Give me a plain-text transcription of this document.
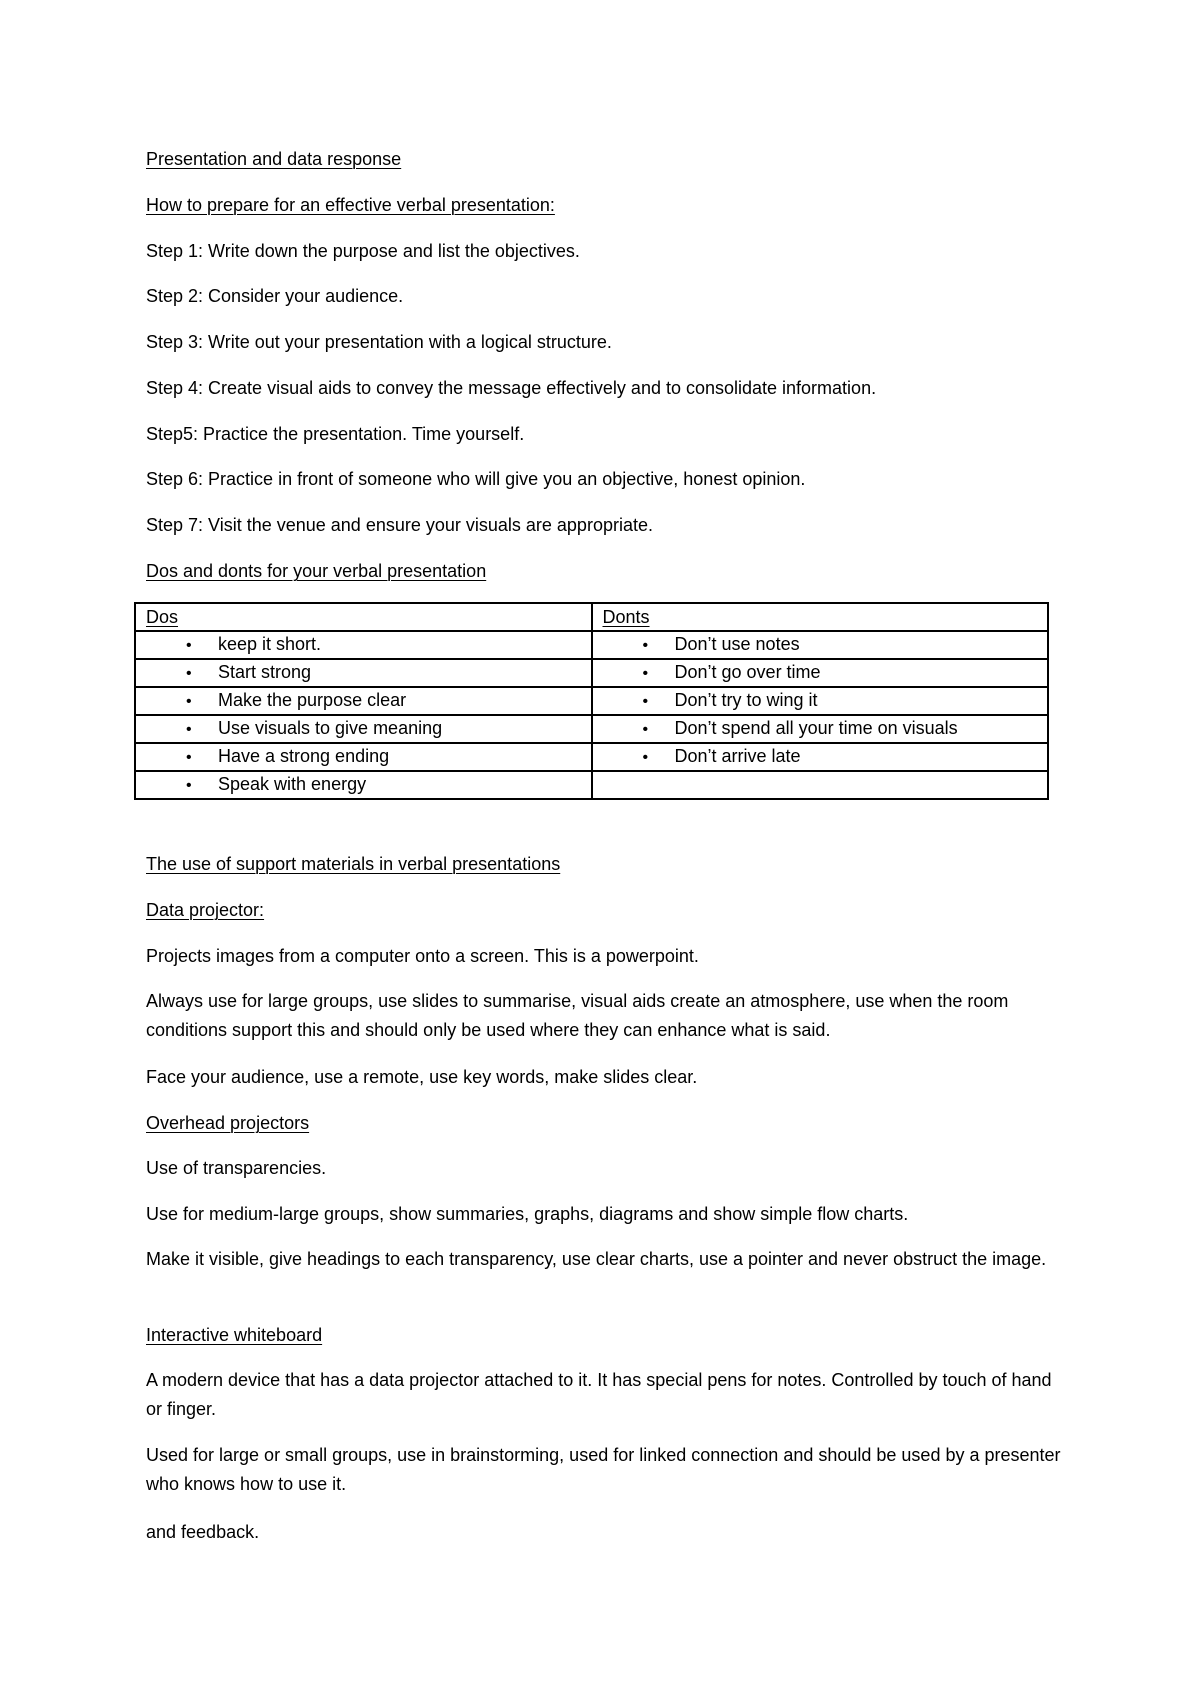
Presentation and data response
How to prepare for an effective verbal presentation:
Step 1: Write down the purpose and list the objectives.
Step 2: Consider your audience.
Step 3: Write out your presentation with a logical structure.
Step 4: Create visual aids to convey the message effectively and to consolidate information.
Step5: Practice the presentation. Time yourself.
Step 6: Practice in front of someone who will give you an objective, honest opinion.
Step 7: Visit the venue and ensure your visuals are appropriate.
Dos and donts for your verbal presentation
Dos	Donts
• keep it short.	• Don’t use notes
• Start strong	• Don’t go over time
• Make the purpose clear	• Don’t try to wing it
• Use visuals to give meaning	• Don’t spend all your time on visuals
• Have a strong ending	• Don’t arrive late
• Speak with energy	
The use of support materials in verbal presentations
Data projector:
Projects images from a computer onto a screen. This is a powerpoint.
Always use for large groups, use slides to summarise, visual aids create an atmosphere, use when the room conditions support this and should only be used where they can enhance what is said.
Face your audience, use a remote, use key words, make slides clear.
Overhead projectors
Use of transparencies.
Use for medium-large groups, show summaries, graphs, diagrams and show simple flow charts.
Make it visible, give headings to each transparency, use clear charts, use a pointer and never obstruct the image.
Interactive whiteboard
A modern device that has a data projector attached to it. It has special pens for notes. Controlled by touch of hand or finger.
Used for large or small groups, use in brainstorming, used for linked connection and should be used by a presenter who knows how to use it.
and feedback.
